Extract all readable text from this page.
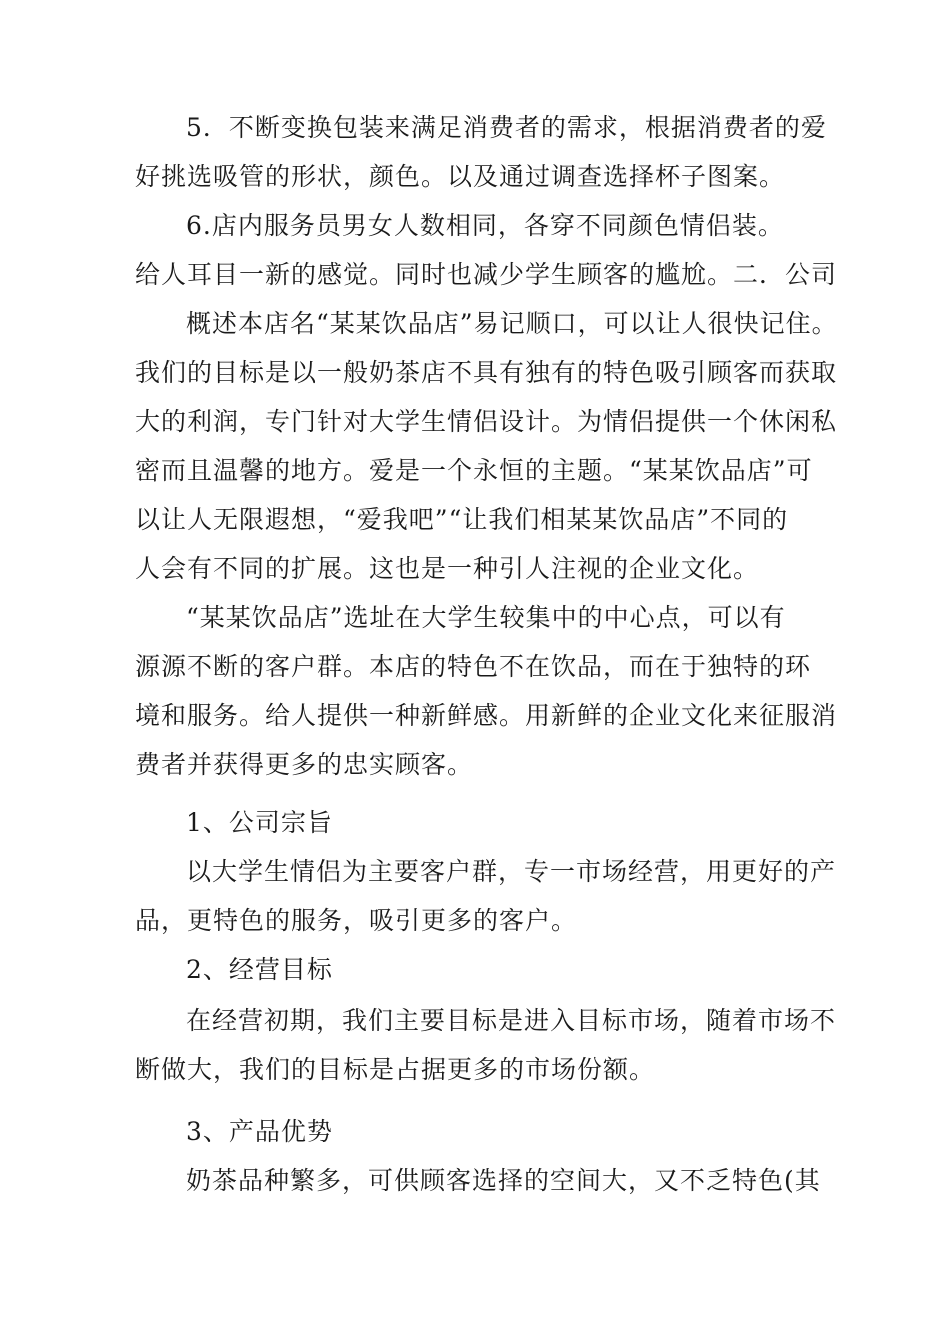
5．不断变换包装来满足消费者的需求，根据消费者的爱
好挑选吸管的形状，颜色。以及通过调查选择杯子图案。
6.店内服务员男女人数相同，各穿不同颜色情侣装。
给人耳目一新的感觉。同时也减少学生顾客的尴尬。二．公司
概述本店名“某某饮品店”易记顺口，可以让人很快记住。
我们的目标是以一般奶茶店不具有独有的特色吸引顾客而获取
大的利润，专门针对大学生情侣设计。为情侣提供一个休闲私
密而且温馨的地方。爱是一个永恒的主题。“某某饮品店”可
以让人无限遐想，“爱我吧”“让我们相某某饮品店”不同的
人会有不同的扩展。这也是一种引人注视的企业文化。
“某某饮品店”选址在大学生较集中的中心点，可以有
源源不断的客户群。本店的特色不在饮品，而在于独特的环
境和服务。给人提供一种新鲜感。用新鲜的企业文化来征服消
费者并获得更多的忠实顾客。
1、公司宗旨
以大学生情侣为主要客户群，专一市场经营，用更好的产
品，更特色的服务，吸引更多的客户。
2、经营目标
在经营初期，我们主要目标是进入目标市场，随着市场不
断做大，我们的目标是占据更多的市场份额。
3、产品优势
奶茶品种繁多，可供顾客选择的空间大，又不乏特色(其
